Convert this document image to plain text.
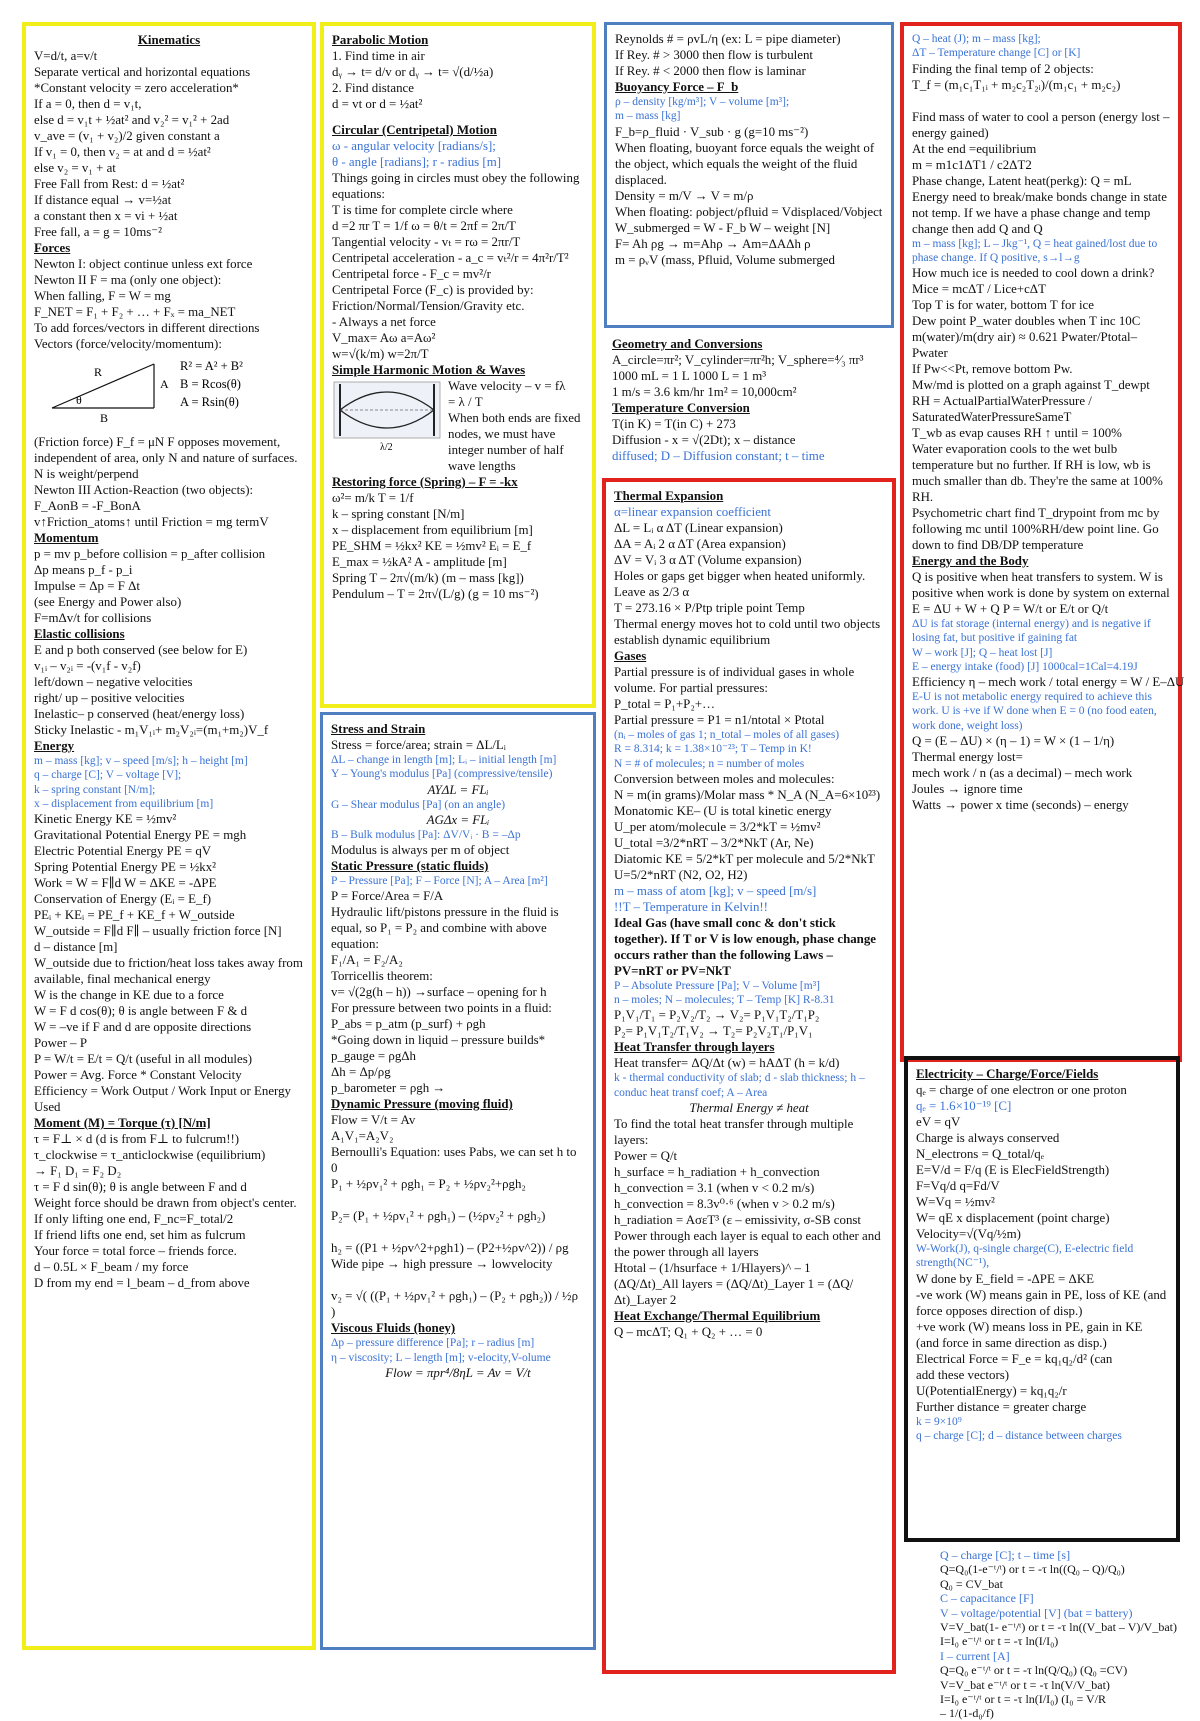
Kinematics
V=d/t, a=v/t
Separate vertical and horizontal equations
*Constant velocity = zero acceleration*
If a = 0, then d = v₁t,
else d = v₁t + ½at² and v₂² = v₁² + 2ad
v_ave = (v₁ + v₂)/2 given constant a
If v₁ = 0, then v₂ = at and d = ½at²
else v₂ = v₁ + at
Free Fall from Rest: d = ½at²
If distance equal → v=½at
a constant then x = vi + ½at
Free fall, a = g = 10ms⁻²
Forces
Newton I: object continue unless ext force
Newton II F = ma (only one object):
When falling, F = W = mg
F_NET = F₁ + F₂ + … + Fₓ = ma_NET
To add forces/vectors in different directions
Vectors (force/velocity/momentum):
R
A
θ
B
R² = A² + B²
B = Rcos(θ)
A = Rsin(θ)
(Friction force) F_f = μN F opposes movement, independent of area, only N and nature of surfaces. N is weight/perpend
Newton III Action-Reaction (two objects):
F_AonB = -F_BonA
v↑Friction_atoms↑ until Friction = mg termV
Momentum
p = mv p_before collision = p_after collision
Δp means p_f - p_i
Impulse = Δp = F Δt
(see Energy and Power also)
F=mΔv/t for collisions
Elastic collisions
E and p both conserved (see below for E)
v₁ᵢ – v₂ᵢ = -(v₁f - v₂f)
left/down – negative velocities
right/ up – positive velocities
Inelastic– p conserved (heat/energy loss)
Sticky Inelastic - m₁V₁ᵢ+ m₂V₂ᵢ=(m₁+m₂)V_f
Energy
m – mass [kg]; v – speed [m/s]; h – height [m]
q – charge [C]; V – voltage [V];
k – spring constant [N/m];
x – displacement from equilibrium [m]
Kinetic Energy KE = ½mv²
Gravitational Potential Energy PE = mgh
Electric Potential Energy PE = qV
Spring Potential Energy PE = ½kx²
Work = W = F∥d W = ΔKE = -ΔPE
Conservation of Energy (Eᵢ = E_f)
PEᵢ + KEᵢ = PE_f + KE_f + W_outside
W_outside = F∥d F∥ – usually friction force [N]
d – distance [m]
W_outside due to friction/heat loss takes away from available, final mechanical energy
W is the change in KE due to a force
W = F d cos(θ); θ is angle between F & d
W = –ve if F and d are opposite directions
Power – P
P = W/t = E/t = Q/t (useful in all modules)
Power = Avg. Force * Constant Velocity
Efficiency = Work Output / Work Input or Energy Used
Moment (M) = Torque (τ) [N/m]
τ = F⊥ × d (d is from F⊥ to fulcrum!!)
τ_clockwise = τ_anticlockwise (equilibrium)
→ F₁ D₁ = F₂ D₂
τ = F d sin(θ); θ is angle between F and d
Weight force should be drawn from object's center.
If only lifting one end, F_nc=F_total/2
If friend lifts one end, set him as fulcrum
Your force = total force – friends force.
d – 0.5L × F_beam / my force
D from my end = l_beam – d_from above
Parabolic Motion
1. Find time in air
dᵧ → t= d/v or dᵧ → t= √(d/½a)
2. Find distance
d = vt or d = ½at²
Circular (Centripetal) Motion
ω - angular velocity [radians/s];
θ - angle [radians]; r - radius [m]
Things going in circles must obey the following equations:
T is time for complete circle where
d =2 πr T = 1/f ω = θ/t = 2πf = 2π/T
Tangential velocity - vₜ = rω = 2πr/T
Centripetal acceleration - a_c = vₜ²/r = 4π²r/T²
Centripetal force - F_c = mv²/r
Centripetal Force (F_c) is provided by: Friction/Normal/Tension/Gravity etc.
- Always a net force
V_max= Aω a=Aω²
w=√(k/m) w=2π/T
Simple Harmonic Motion & Waves
λ/2
Wave velocity – v = fλ
= λ / T
When both ends are fixed nodes, we must have integer number of half wave lengths
Restoring force (Spring) – F = -kx
ω²= m/k T = 1/f
k – spring constant [N/m]
x – displacement from equilibrium [m]
PE_SHM = ½kx² KE = ½mv² Eᵢ = E_f
E_max = ½kA² A - amplitude [m]
Spring T – 2π√(m/k) (m – mass [kg])
Pendulum – T = 2π√(L/g) (g = 10 ms⁻²)
Stress and Strain
Stress = force/area; strain = ΔL/Lᵢ
ΔL – change in length [m]; Lᵢ – initial length [m]
Y – Young's modulus [Pa] (compressive/tensile)
AYΔL = FLᵢ
G – Shear modulus [Pa] (on an angle)
AGΔx = FLᵢ
B – Bulk modulus [Pa]: ΔV/Vᵢ · B = –Δp
Modulus is always per m of object
Static Pressure (static fluids)
P – Pressure [Pa]; F – Force [N]; A – Area [m²]
P = Force/Area = F/A
Hydraulic lift/pistons pressure in the fluid is equal, so P₁ = P₂ and combine with above equation:
F₁/A₁ = F₂/A₂
Torricellis theorem:
v= √(2g(h – h)) →surface – opening for h
For pressure between two points in a fluid:
P_abs = p_atm (p_surf) + ρgh
*Going down in liquid – pressure builds*
p_gauge = ρgΔh
Δh = Δp/ρg
p_barometer = ρgh →
Dynamic Pressure (moving fluid)
Flow = V/t = Av
A₁V₁=A₂V₂
Bernoulli's Equation: uses Pabs, we can set h to 0
P₁ + ½ρv₁² + ρgh₁ = P₂ + ½ρv₂²+ρgh₂

P₂= (P₁ + ½ρv₁² + ρgh₁) – (½ρv₂² + ρgh₂)

h₂ = ((P1 + ½ρv^2+ρgh1) – (P2+½ρv^2)) / ρg
Wide pipe → high pressure → lowvelocity

v₂ = √( ((P₁ + ½ρv₁² + ρgh₁) – (P₂ + ρgh₂)) / ½ρ )
Viscous Fluids (honey)
Δp – pressure difference [Pa]; r – radius [m]
η – viscosity; L – length [m]; v-elocity,V-olume
Flow = πpr⁴/8ηL = Av = V/t
Reynolds # = ρvL/η (ex: L = pipe diameter)
If Rey. # > 3000 then flow is turbulent
If Rey. # < 2000 then flow is laminar
Buoyancy Force – F_b
ρ – density [kg/m³]; V – volume [m³];
m – mass [kg]
F_b=ρ_fluid · V_sub · g (g=10 ms⁻²)
When floating, buoyant force equals the weight of the object, which equals the weight of the fluid displaced.
Density = m/V → V = m/ρ
When floating: ρobject/ρfluid = Vdisplaced/Vobject
W_submerged = W - F_b W – weight [N]
F= Ah ρg → m=Ahρ → Am=ΔAΔh ρ
m = ρᵥV (mass, Pfluid, Volume submerged
Geometry and Conversions
A_circle=πr²; V_cylinder=πr²h; V_sphere=⁴⁄₃ πr³
1000 mL = 1 L 1000 L = 1 m³
1 m/s = 3.6 km/hr 1m² = 10,000cm²
Temperature Conversion
T(in K) = T(in C) + 273
Diffusion - x = √(2Dt); x – distance
diffused; D – Diffusion constant; t – time
Thermal Expansion
α=linear expansion coefficient
ΔL = Lᵢ α ΔT (Linear expansion)
ΔA = Aᵢ 2 α ΔT (Area expansion)
ΔV = Vᵢ 3 α ΔT (Volume expansion)
Holes or gaps get bigger when heated uniformly. Leave as 2/3 α
T = 273.16 × P/Ptp triple point Temp
Thermal energy moves hot to cold until two objects establish dynamic equilibrium
Gases
Partial pressure is of individual gases in whole volume. For partial pressures:
P_total = P₁+P₂+…
Partial pressure = P1 = n1/ntotal × Ptotal
(nᵢ – moles of gas 1; n_total – moles of all gases)
R = 8.314; k = 1.38×10⁻²³; T – Temp in K!
N = # of molecules; n = number of moles
Conversion between moles and molecules:
N = m(in grams)/Molar mass * N_A (N_A=6×10²³)
Monatomic KE– (U is total kinetic energy
U_per atom/molecule = 3/2*kT = ½mv²
U_total =3/2*nRT – 3/2*NkT (Ar, Ne)
Diatomic KE = 5/2*kT per molecule and 5/2*NkT
U=5/2*nRT (N2, O2, H2)
m – mass of atom [kg]; v – speed [m/s]
!!T – Temperature in Kelvin!!
Ideal Gas (have small conc & don't stick together). If T or V is low enough, phase change occurs rather than the following Laws – PV=nRT or PV=NkT
P – Absolute Pressure [Pa]; V – Volume [m³]
n – moles; N – molecules; T – Temp [K] R-8.31
P₁V₁/T₁ = P₂V₂/T₂ → V₂= P₁V₁T₂/T₁P₂
P₂= P₁V₁T₂/T₁V₂ → T₂= P₂V₂T₁/P₁V₁
Heat Transfer through layers
Heat transfer= ΔQ/Δt (w) = hAΔT (h = k/d)
k - thermal conductivity of slab; d - slab thickness; h – conduc heat transf coef; A – Area
Thermal Energy ≠ heat
To find the total heat transfer through multiple layers:
Power = Q/t
h_surface = h_radiation + h_convection
h_convection = 3.1 (when v < 0.2 m/s)
h_convection = 8.3v⁰·⁶ (when v > 0.2 m/s)
h_radiation = AσεT³ (ε – emissivity, σ-SB const
Power through each layer is equal to each other and the power through all layers
Htotal – (1/hsurface + 1/Hlayers)^ – 1
(ΔQ/Δt)_All layers = (ΔQ/Δt)_Layer 1 = (ΔQ/Δt)_Layer 2
Heat Exchange/Thermal Equilibrium
Q – mcΔT; Q₁ + Q₂ + … = 0
Q – heat (J); m – mass [kg];
ΔT – Temperature change [C] or [K]
Finding the final temp of 2 objects:
T_f = (m₁c₁T₁ᵢ + m₂c₂T₂ᵢ)/(m₁c₁ + m₂c₂)

Find mass of water to cool a person (energy lost – energy gained)
At the end =equilibrium
m = m1c1ΔT1 / c2ΔT2
Phase change, Latent heat(perkg): Q = mL
Energy need to break/make bonds change in state not temp. If we have a phase change and temp change then add Q and Q
m – mass [kg]; L – Jkg⁻¹, Q = heat gained/lost due to phase change. If Q positive, s→l→g
How much ice is needed to cool down a drink? Mice = mcΔT / Lice+cΔT
Top T is for water, bottom T for ice
Dew point P_water doubles when T inc 10C
m(water)/m(dry air) ≈ 0.621 Pwater/Ptotal–Pwater
If Pw<<Pt, remove bottom Pw.
Mw/md is plotted on a graph against T_dewpt
RH = ActualPartialWaterPressure / SaturatedWaterPressureSameT
T_wb as evap causes RH ↑ until = 100%
Water evaporation cools to the wet bulb temperature but no further. If RH is low, wb is much smaller than db. They're the same at 100% RH.
Psychometric chart find T_drypoint from mc by following mc until 100%RH/dew point line. Go down to find DB/DP temperature
Energy and the Body
Q is positive when heat transfers to system. W is positive when work is done by system on external
E = ΔU + W + Q P = W/t or E/t or Q/t
ΔU is fat storage (internal energy) and is negative if losing fat, but positive if gaining fat
W – work [J]; Q – heat lost [J]
E – energy intake (food) [J] 1000cal=1Cal=4.19J
Efficiency η – mech work / total energy = W / E–ΔU
E-U is not metabolic energy required to achieve this work. U is +ve if W done when E = 0 (no food eaten, work done, weight loss)
Q = (E – ΔU) × (η – 1) = W × (1 – 1/η)
Thermal energy lost=
mech work / n (as a decimal) – mech work
Joules → ignore time
Watts → power x time (seconds) – energy
Electricity – Charge/Force/Fields
qₑ = charge of one electron or one proton
qₑ = 1.6×10⁻¹⁹ [C]
eV = qV
Charge is always conserved
N_electrons = Q_total/qₑ
E=V/d = F/q (E is ElecFieldStrength)
F=Vq/d q=Fd/V
W=Vq = ½mv²
W= qE x displacement (point charge)
Velocity=√(Vq/½m)
W-Work(J), q-single charge(C), E-electric field strength(NC⁻¹),
W done by E_field = -ΔPE = ΔKE
-ve work (W) means gain in PE, loss of KE (and force opposes direction of disp.)
+ve work (W) means loss in PE, gain in KE (and force in same direction as disp.)
Electrical Force = F_e = kq₁q₂/d² (can
add these vectors)
U(PotentialEnergy) = kq₁q₂/r
Further distance = greater charge
k = 9×10⁹
q – charge [C]; d – distance between charges
Q – charge [C]; t – time [s]
Q=Q₀(1-e⁻ᵗ/ᵗ) or t = -τ ln((Q₀ – Q)/Q₀)
Q₀ = CV_bat
C – capacitance [F]
V – voltage/potential [V] (bat = battery)
V=V_bat(1- e⁻ᵗ/ᵗ) or t = -τ ln((V_bat – V)/V_bat)
I=I₀ e⁻ᵗ/ᵗ or t = -τ ln(I/I₀)
I – current [A]
Q=Q₀ e⁻ᵗ/ᵗ or t = -τ ln(Q/Q₀) (Q₀ =CV)
V=V_bat e⁻ᵗ/ᵗ or t = -τ ln(V/V_bat)
I=I₀ e⁻ᵗ/ᵗ or t = -τ ln(I/I₀) (I₀ = V/R
– 1/(1-d₀/f)
